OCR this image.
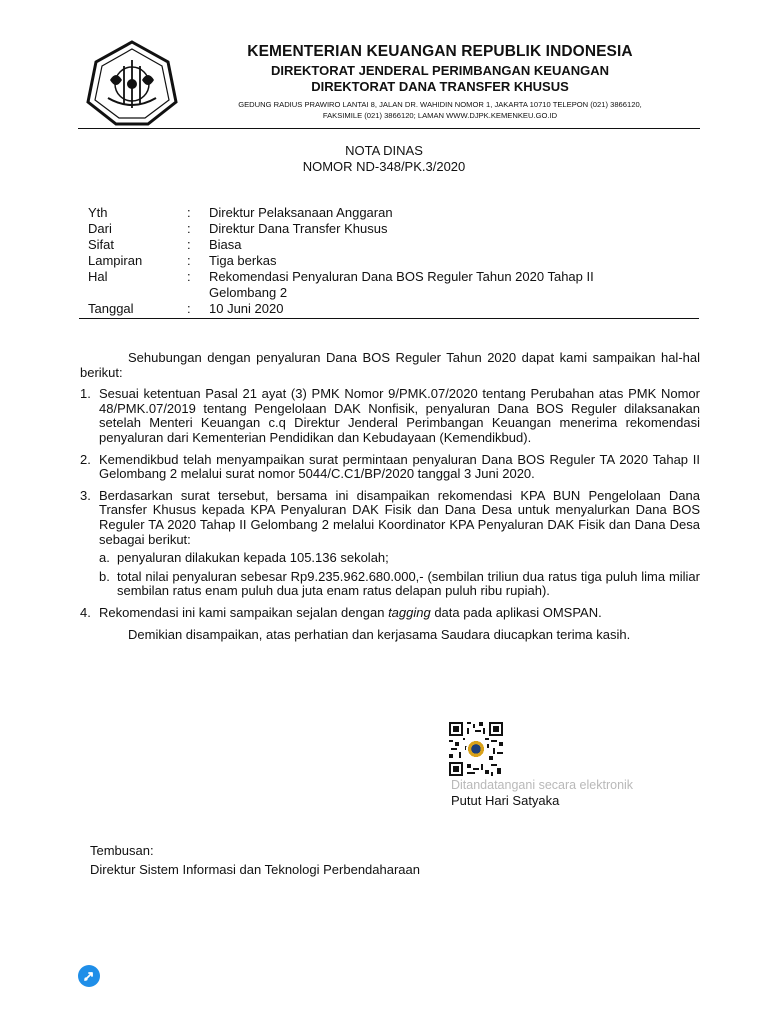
KEMENTERIAN KEUANGAN REPUBLIK INDONESIA
DIREKTORAT JENDERAL PERIMBANGAN KEUANGAN
DIREKTORAT DANA TRANSFER KHUSUS
GEDUNG RADIUS PRAWIRO LANTAI 8, JALAN DR. WAHIDIN NOMOR 1, JAKARTA 10710 TELEPON (021) 3866120,
FAKSIMILE (021) 3866120; LAMAN WWW.DJPK.KEMENKEU.GO.ID
NOTA DINAS
NOMOR ND-348/PK.3/2020
Yth	:	Direktur Pelaksanaan Anggaran
Dari	:	Direktur Dana Transfer Khusus
Sifat	:	Biasa
Lampiran	:	Tiga berkas
Hal	:	Rekomendasi Penyaluran Dana BOS Reguler Tahun 2020 Tahap II Gelombang 2
Tanggal	:	10 Juni 2020
Sehubungan dengan penyaluran Dana BOS Reguler Tahun 2020 dapat kami sampaikan hal-hal berikut:
1. Sesuai ketentuan Pasal 21 ayat (3) PMK Nomor 9/PMK.07/2020 tentang Perubahan atas PMK Nomor 48/PMK.07/2019 tentang Pengelolaan DAK Nonfisik, penyaluran Dana BOS Reguler dilaksanakan setelah Menteri Keuangan c.q Direktur Jenderal Perimbangan Keuangan menerima rekomendasi penyaluran dari Kementerian Pendidikan dan Kebudayaan (Kemendikbud).
2. Kemendikbud telah menyampaikan surat permintaan penyaluran Dana BOS Reguler TA 2020 Tahap II Gelombang 2 melalui surat nomor 5044/C.C1/BP/2020 tanggal 3 Juni 2020.
3. Berdasarkan surat tersebut, bersama ini disampaikan rekomendasi KPA BUN Pengelolaan Dana Transfer Khusus kepada KPA Penyaluran DAK Fisik dan Dana Desa untuk menyalurkan Dana BOS Reguler TA 2020 Tahap II Gelombang 2 melalui Koordinator KPA Penyaluran DAK Fisik dan Dana Desa sebagai berikut:
a. penyaluran dilakukan kepada 105.136 sekolah;
b. total nilai penyaluran sebesar Rp9.235.962.680.000,- (sembilan triliun dua ratus tiga puluh lima miliar sembilan ratus enam puluh dua juta enam ratus delapan puluh ribu rupiah).
4. Rekomendasi ini kami sampaikan sejalan dengan tagging data pada aplikasi OMSPAN.
Demikian disampaikan, atas perhatian dan kerjasama Saudara diucapkan terima kasih.
Ditandatangani secara elektronik
Putut Hari Satyaka
Tembusan:
Direktur Sistem Informasi dan Teknologi Perbendaharaan
